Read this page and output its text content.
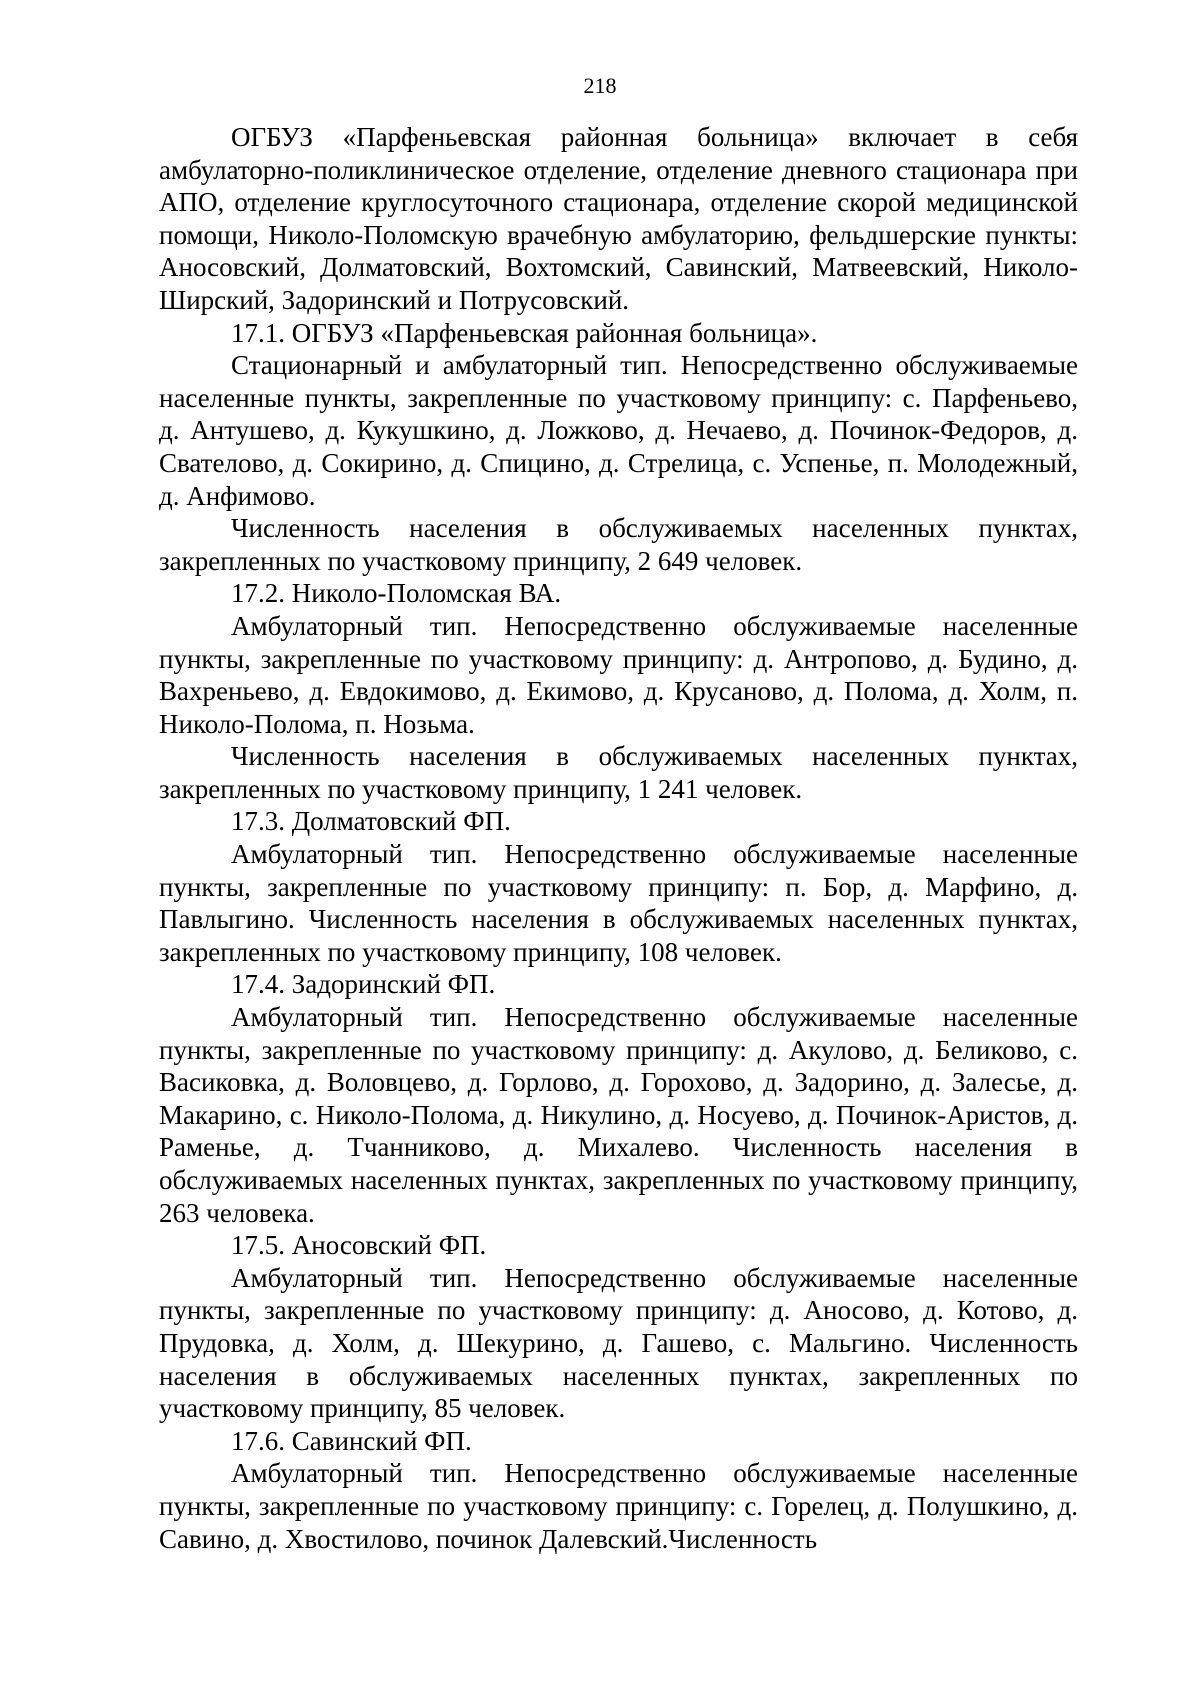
218

ОГБУЗ «Парфеньевская районная больница» включает в себя амбулаторно-поликлиническое отделение, отделение дневного стационара при АПО, отделение круглосуточного стационара, отделение скорой медицинской помощи, Николо-Поломскую врачебную амбулаторию, фельдшерские пункты: Аносовский, Долматовский, Вохтомский, Савинский, Матвеевский, Николо-Ширский, Задоринский и Потрусовский.

17.1. ОГБУЗ «Парфеньевская районная больница».

Стационарный и амбулаторный тип. Непосредственно обслуживаемые населенные пункты, закрепленные по участковому принципу: с. Парфеньево, д. Антушево, д. Кукушкино, д. Ложково, д. Нечаево, д. Починок-Федоров, д. Свателово, д. Сокирино, д. Спицино, д. Стрелица, с. Успенье, п. Молодежный, д. Анфимово.

Численность населения в обслуживаемых населенных пунктах, закрепленных по участковому принципу, 2 649 человек.

17.2. Николо-Поломская ВА.

Амбулаторный тип. Непосредственно обслуживаемые населенные пункты, закрепленные по участковому принципу: д. Антропово, д. Будино, д. Вахреньево, д. Евдокимово, д. Екимово, д. Крусаново, д. Полома, д. Холм, п. Николо-Полома, п. Нозьма.

Численность населения в обслуживаемых населенных пунктах, закрепленных по участковому принципу, 1 241 человек.

17.3. Долматовский ФП.

Амбулаторный тип. Непосредственно обслуживаемые населенные пункты, закрепленные по участковому принципу: п. Бор, д. Марфино, д. Павлыгино. Численность населения в обслуживаемых населенных пунктах, закрепленных по участковому принципу, 108 человек.

17.4. Задоринский ФП.

Амбулаторный тип. Непосредственно обслуживаемые населенные пункты, закрепленные по участковому принципу: д. Акулово, д. Беликово, с. Васиковка, д. Воловцево, д. Горлово, д. Горохово, д. Задорино, д. Залесье, д. Макарино, с. Николо-Полома, д. Никулино, д. Носуево, д. Починок-Аристов, д. Раменье, д. Тчанниково, д. Михалево. Численность населения в обслуживаемых населенных пунктах, закрепленных по участковому принципу, 263 человека.

17.5. Аносовский ФП.

Амбулаторный тип. Непосредственно обслуживаемые населенные пункты, закрепленные по участковому принципу: д. Аносово, д. Котово, д. Прудовка, д. Холм, д. Шекурино, д. Гашево, с. Мальгино. Численность населения в обслуживаемых населенных пунктах, закрепленных по участковому принципу, 85 человек.

17.6. Савинский ФП.

Амбулаторный тип. Непосредственно обслуживаемые населенные пункты, закрепленные по участковому принципу: с. Горелец, д. Полушкино, д. Савино, д. Хвостилово, починок Далевский.Численность
